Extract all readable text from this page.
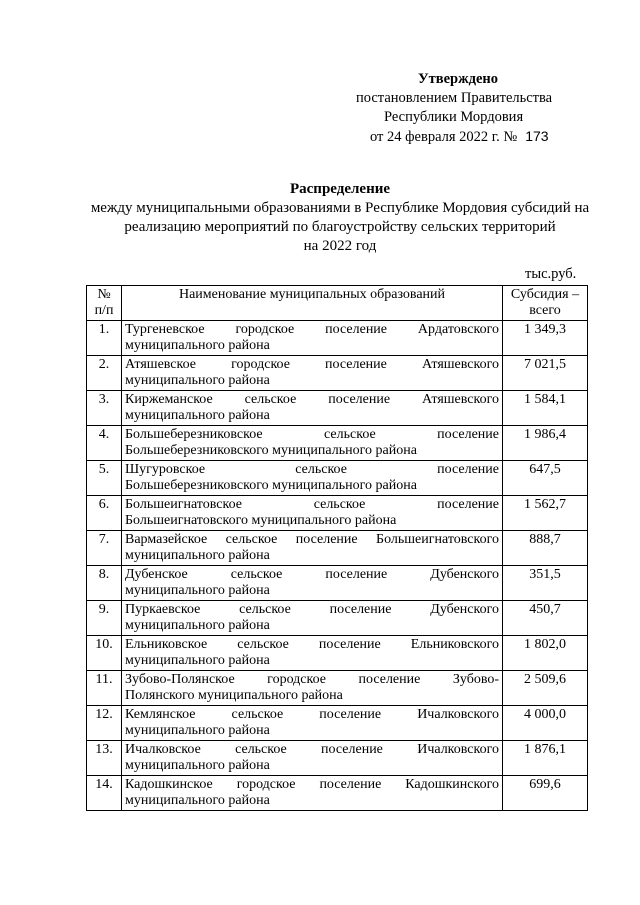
Утверждено
постановлением Правительства
Республики Мордовия
от 24 февраля 2022 г. № 173
Распределение
между муниципальными образованиями в Республике Мордовия субсидий на
реализацию мероприятий по благоустройству сельских территорий
на 2022 год
тыс.руб.
№
п/п	Наименование муниципальных образований	Субсидия –
всего
1.	Тургеневское городское поселение Ардатовского
муниципального района	1 349,3
2.	Атяшевское городское поселение Атяшевского
муниципального района	7 021,5
3.	Киржеманское сельское поселение Атяшевского
муниципального района	1 584,1
4.	Большеберезниковское сельское поселение
Большеберезниковского муниципального района	1 986,4
5.	Шугуровское сельское поселение
Большеберезниковского муниципального района	647,5
6.	Большеигнатовское сельское поселение
Большеигнатовского муниципального района	1 562,7
7.	Вармазейское сельское поселение Большеигнатовского
муниципального района	888,7
8.	Дубенское сельское поселение Дубенского
муниципального района	351,5
9.	Пуркаевское сельское поселение Дубенского
муниципального района	450,7
10.	Ельниковское сельское поселение Ельниковского
муниципального района	1 802,0
11.	Зубово-Полянское городское поселение Зубово-
Полянского муниципального района	2 509,6
12.	Кемлянское сельское поселение Ичалковского
муниципального района	4 000,0
13.	Ичалковское сельское поселение Ичалковского
муниципального района	1 876,1
14.	Кадошкинское городское поселение Кадошкинского
муниципального района	699,6
